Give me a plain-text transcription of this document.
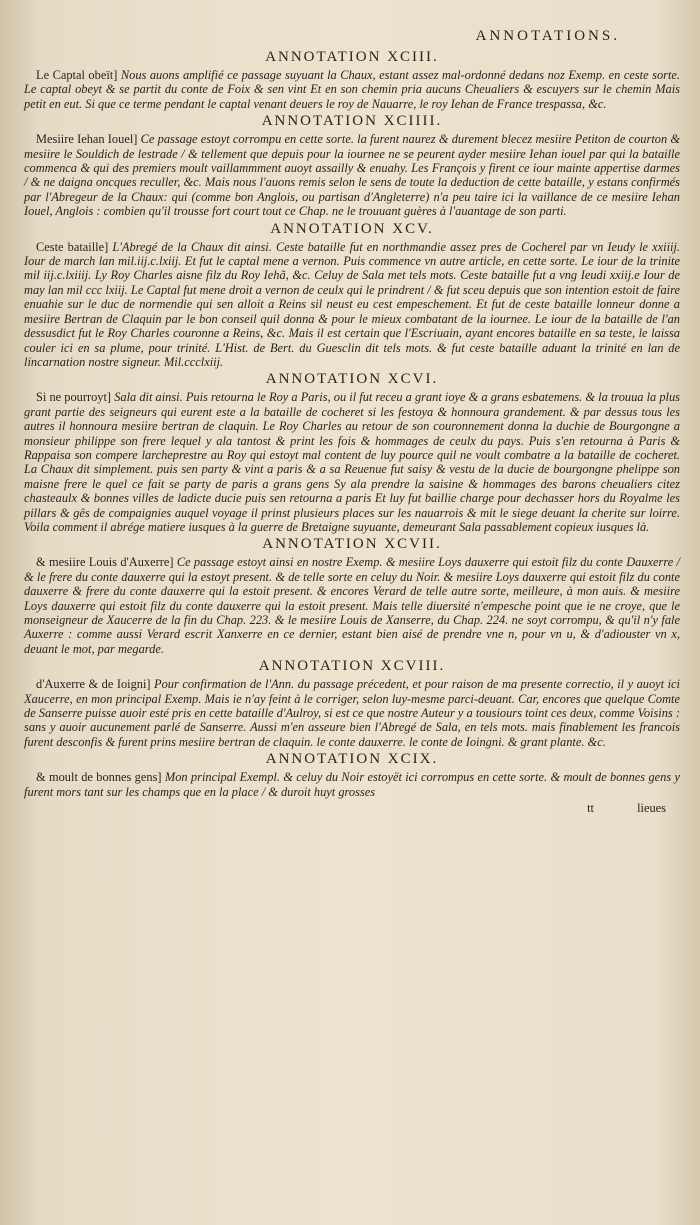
ANNOTATIONS.
ANNOTATION XCIII.

Le Captal obeït] Nous auons amplifié ce passage suyuant la Chaux, estant assez mal-ordonné dedans noz Exemp. en ceste sorte. Le captal obeyt & se partit du conte de Foix & sen vint Et en son chemin pria aucuns Cheualiers & escuyers sur le chemin Mais petit en eut. Si que ce terme pendant le captal venant deuers le roy de Nauarre, le roy Iehan de France trespassa, &c.

ANNOTATION XCIIII.

Mesiire Iehan Iouel] Ce passage estoyt corrompu en cette sorte. la furent naurez & durement blecez mesiire Petiton de courton & mesiire le Souldich de lestrade / & tellement que depuis pour la iournee ne se peurent ayder mesiire Iehan iouel par qui la bataille commenca & qui des premiers moult vaillammment auoyt assailly & enuahy. Les François y firent ce iour mainte appertise darmes / & ne daigna oncques reculler, &c. Mais nous l'auons remis selon le sens de toute la deduction de cette bataille, y estans confirmés par l'Abregeur de la Chaux: qui (comme bon Anglois, ou partisan d'Angleterre) n'a peu taire ici la vaillance de ce mesiire Iehan Iouel, Anglois : combien qu'il trousse fort court tout ce Chap. ne le trouuant guères à l'auantage de son parti.

ANNOTATION XCV.

Ceste bataille] L'Abregé de la Chaux dit ainsi. Ceste bataille fut en northmandie assez pres de Cocherel par vn Ieudy le xxiiij. Iour de march lan mil.iij.c.lxiij. Et fut le captal mene a vernon. Puis commence vn autre article, en cette sorte. Le iour de la trinite mil iij.c.lxiiij. Ly Roy Charles aisne filz du Roy Iehã, &c. Celuy de Sala met tels mots. Ceste bataille fut a vng Ieudi xxiij.e Iour de may lan mil ccc lxiij. Le Captal fut mene droit a vernon de ceulx qui le prindrent / & fut sceu depuis que son intention estoit de faire enuahie sur le duc de normendie qui sen alloit a Reins sil neust eu cest empeschement. Et fut de ceste bataille lonneur donne a mesiire Bertran de Claquin par le bon conseil quil donna & pour le mieux combatant de la iournee. Le iour de la bataille de l'an dessusdict fut le Roy Charles couronne a Reins, &c. Mais il est certain que l'Escriuain, ayant encores bataille en sa teste, le laissa couler ici en sa plume, pour trinité. L'Hist. de Bert. du Guesclin dit tels mots. & fut ceste bataille aduant la trinité en lan de lincarnation nostre signeur. Mil.ccclxiij.

ANNOTATION XCVI.

Si ne pourroyt] Sala dit ainsi. Puis retourna le Roy a Paris, ou il fut receu a grant ioye & a grans esbatemens. & la trouua la plus grant partie des seigneurs qui eurent este a la bataille de cocheret si les festoya & honnoura grandement. & par dessus tous les autres il honnoura mesiire bertran de claquin. Le Roy Charles au retour de son couronnement donna la duchie de Bourgongne a monsieur philippe son frere lequel y ala tantost & print les fois & hommages de ceulx du pays. Puis s'en retourna à Paris & Rappaisa son compere larcheprestre au Roy qui estoyt mal content de luy pource quil ne voult combatre a la bataille de cocheret. La Chaux dit simplement. puis sen party & vint a paris & a sa Reuenue fut saisy & vestu de la ducie de bourgongne phelippe son maisne frere le quel ce fait se party de paris a grans gens Sy ala prendre la saisine & hommages des barons cheualiers citez chasteaulx & bonnes villes de ladicte ducie puis sen retourna a paris Et luy fut baillie charge pour dechasser hors du Royalme les pillars & gês de compaignies auquel voyage il prinst plusieurs places sur les nauarrois & mit le siege deuant la cherite sur loirre. Voila comment il abrége matiere iusques à la guerre de Bretaigne suyuante, demeurant Sala passablement copieux iusques là.

ANNOTATION XCVII.

& mesiire Louis d'Auxerre] Ce passage estoyt ainsi en nostre Exemp. & mesiire Loys dauxerre qui estoit filz du conte Dauxerre / & le frere du conte dauxerre qui la estoyt present. & de telle sorte en celuy du Noir. & mesiire Loys dauxerre qui estoit filz du conte dauxerre & frere du conte dauxerre qui la estoit present. & encores Verard de telle autre sorte, meilleure, à mon auis. & mesiire Loys dauxerre qui estoit filz du conte dauxerre qui la estoit present. Mais telle diuersité n'empesche point que ie ne croye, que le monseigneur de Xaucerre de la fin du Chap. 223. & le mesiire Louis de Xanserre, du Chap. 224. ne soyt corrompu, & qu'il n'y fale Auxerre : comme aussi Verard escrit Xanxerre en ce dernier, estant bien aisé de prendre vne n, pour vn u, & d'adiouster vn x, deuant le mot, par megarde.

ANNOTATION XCVIII.

d'Auxerre & de Ioigni] Pour confirmation de l'Ann. du passage précedent, et pour raison de ma presente correctio, il y auoyt ici Xaucerre, en mon principal Exemp. Mais ie n'ay feint à le corriger, selon luy-mesme parci-deuant. Car, encores que quelque Comte de Sanserre puisse auoir esté pris en cette bataille d'Aulroy, si est ce que nostre Auteur y a tousiours toint ces deux, comme Voisins : sans y auoir aucunement parlé de Sanserre. Aussi m'en asseure bien l'Abregé de Sala, en tels mots. mais finablement les francois furent desconfis & furent prins mesiire bertran de claquin. le conte dauxerre. le conte de Ioingni. & grant plante. &c.

ANNOTATION XCIX.

& moult de bonnes gens] Mon principal Exempl. & celuy du Noir estoyët ici corrompus en cette sorte. & moult de bonnes gens y furent mors tant sur les champs que en la place / & duroit huyt grosses

tt	lieues
